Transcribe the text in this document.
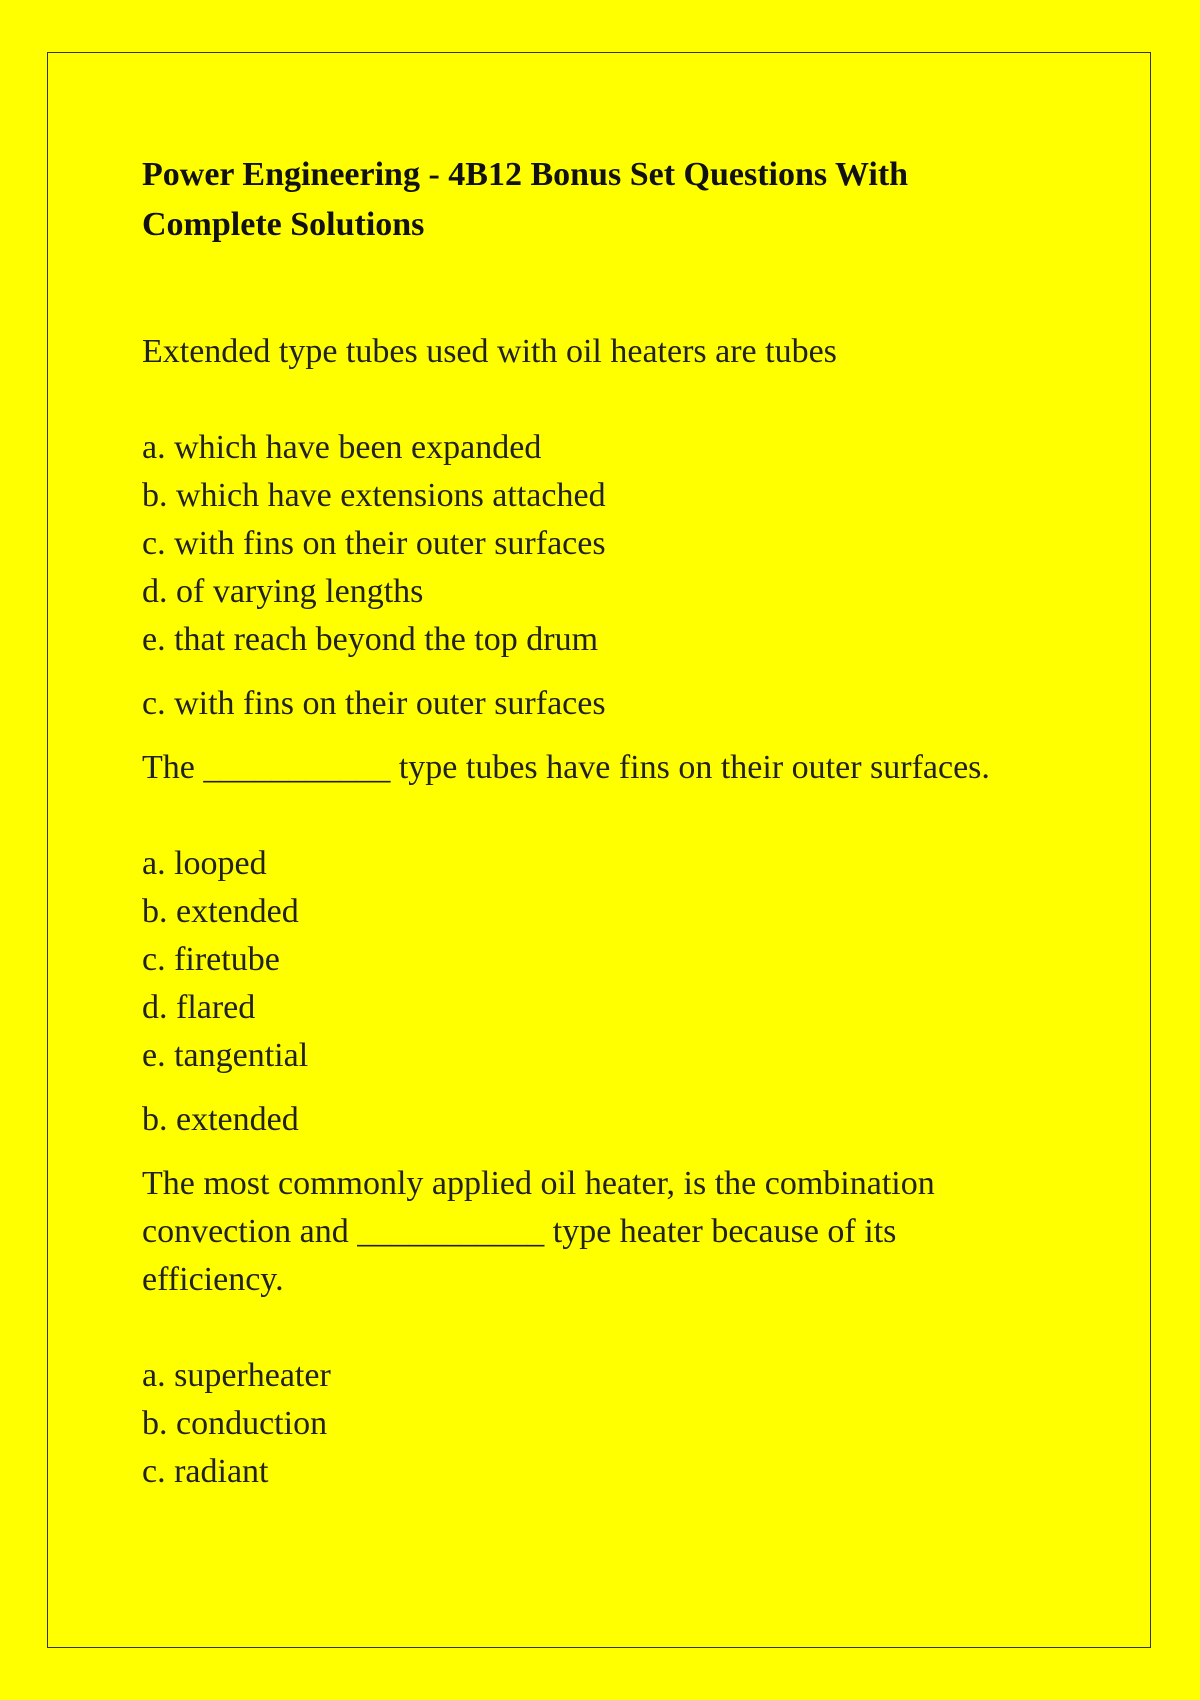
Power Engineering - 4B12 Bonus Set Questions With
Complete Solutions

Extended type tubes used with oil heaters are tubes

a. which have been expanded
b. which have extensions attached
c. with fins on their outer surfaces
d. of varying lengths
e. that reach beyond the top drum

c. with fins on their outer surfaces

The ___________ type tubes have fins on their outer surfaces.

a. looped
b. extended
c. firetube
d. flared
e. tangential

b. extended

The most commonly applied oil heater, is the combination
convection and ___________ type heater because of its
efficiency.

a. superheater
b. conduction
c. radiant
